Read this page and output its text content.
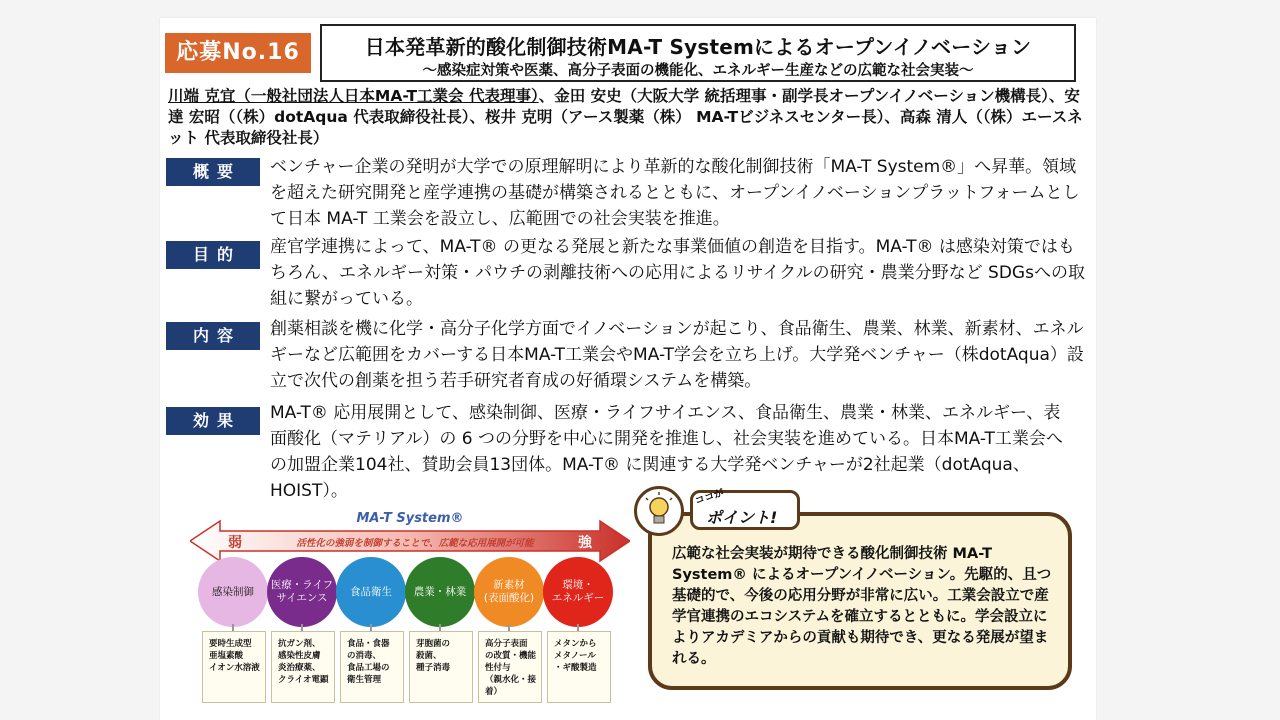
応募No.16	日本発革新的酸化制御技術MA-T Systemによるオープンイノベーション
～感染症対策や医薬、高分子表面の機能化、エネルギー生産などの広範な社会実装～
川端 克宜（一般社団法人日本MA-T工業会 代表理事）、金田 安史（大阪大学 統括理事・副学長オープンイノベーション機構長）、安達 宏昭（（株）dotAqua 代表取締役社長）、桜井 克明（アース製薬（株） MA-Tビジネスセンター長）、高森 清人（（株）エースネット 代表取締役社長）
概要	ベンチャー企業の発明が大学での原理解明により革新的な酸化制御技術「MA-T System®」へ昇華。領域を超えた研究開発と産学連携の基礎が構築されるとともに、オープンイノベーションプラットフォームとして日本 MA-T 工業会を設立し、広範囲での社会実装を推進。
目的	産官学連携によって、MA-T® の更なる発展と新たな事業価値の創造を目指す。MA-T® は感染対策ではもちろん、エネルギー対策・パウチの剥離技術への応用によるリサイクルの研究・農業分野など SDGsへの取組に繋がっている。
内容	創薬相談を機に化学・高分子化学方面でイノベーションが起こり、食品衛生、農業、林業、新素材、エネルギーなど広範囲をカバーする日本MA-T工業会やMA-T学会を立ち上げ。大学発ベンチャー（株dotAqua）設立で次代の創薬を担う若手研究者育成の好循環システムを構築。
効果	MA-T® 応用展開として、感染制御、医療・ライフサイエンス、食品衛生、農業・林業、エネルギー、表面酸化（マテリアル）の 6 つの分野を中心に開発を推進し、社会実装を進めている。日本MA-T工業会への加盟企業104社、賛助会員13団体。MA-T® に関連する大学発ベンチャーが2社起業（dotAqua、HOIST）。
MA-T System®
弱	活性化の強弱を制御することで、広範な応用展開が可能	強
感染制御
要時生成型
亜塩素酸
イオン水溶液
医療・ライフ
サイエンス
抗ガン剤、
感染性皮膚
炎治療薬、
クライオ電顕
食品衛生
食品・食器
の消毒、
食品工場の
衛生管理
農業・林業
芽胞菌の
殺菌、
種子消毒
新素材
(表面酸化)
高分子表面
の改質・機能
性付与
（親水化・接着）
環境・
エネルギー
メタンから
メタノール
・ギ酸製造
広範な社会実装が期待できる酸化制御技術 MA-T System® によるオープンイノベーション。先駆的、且つ基礎的で、今後の応用分野が非常に広い。工業会設立で産学官連携のエコシステムを確立するとともに。学会設立によりアカデミアからの貢献も期待でき、更なる発展が望まれる。
ココが
ポイント!
